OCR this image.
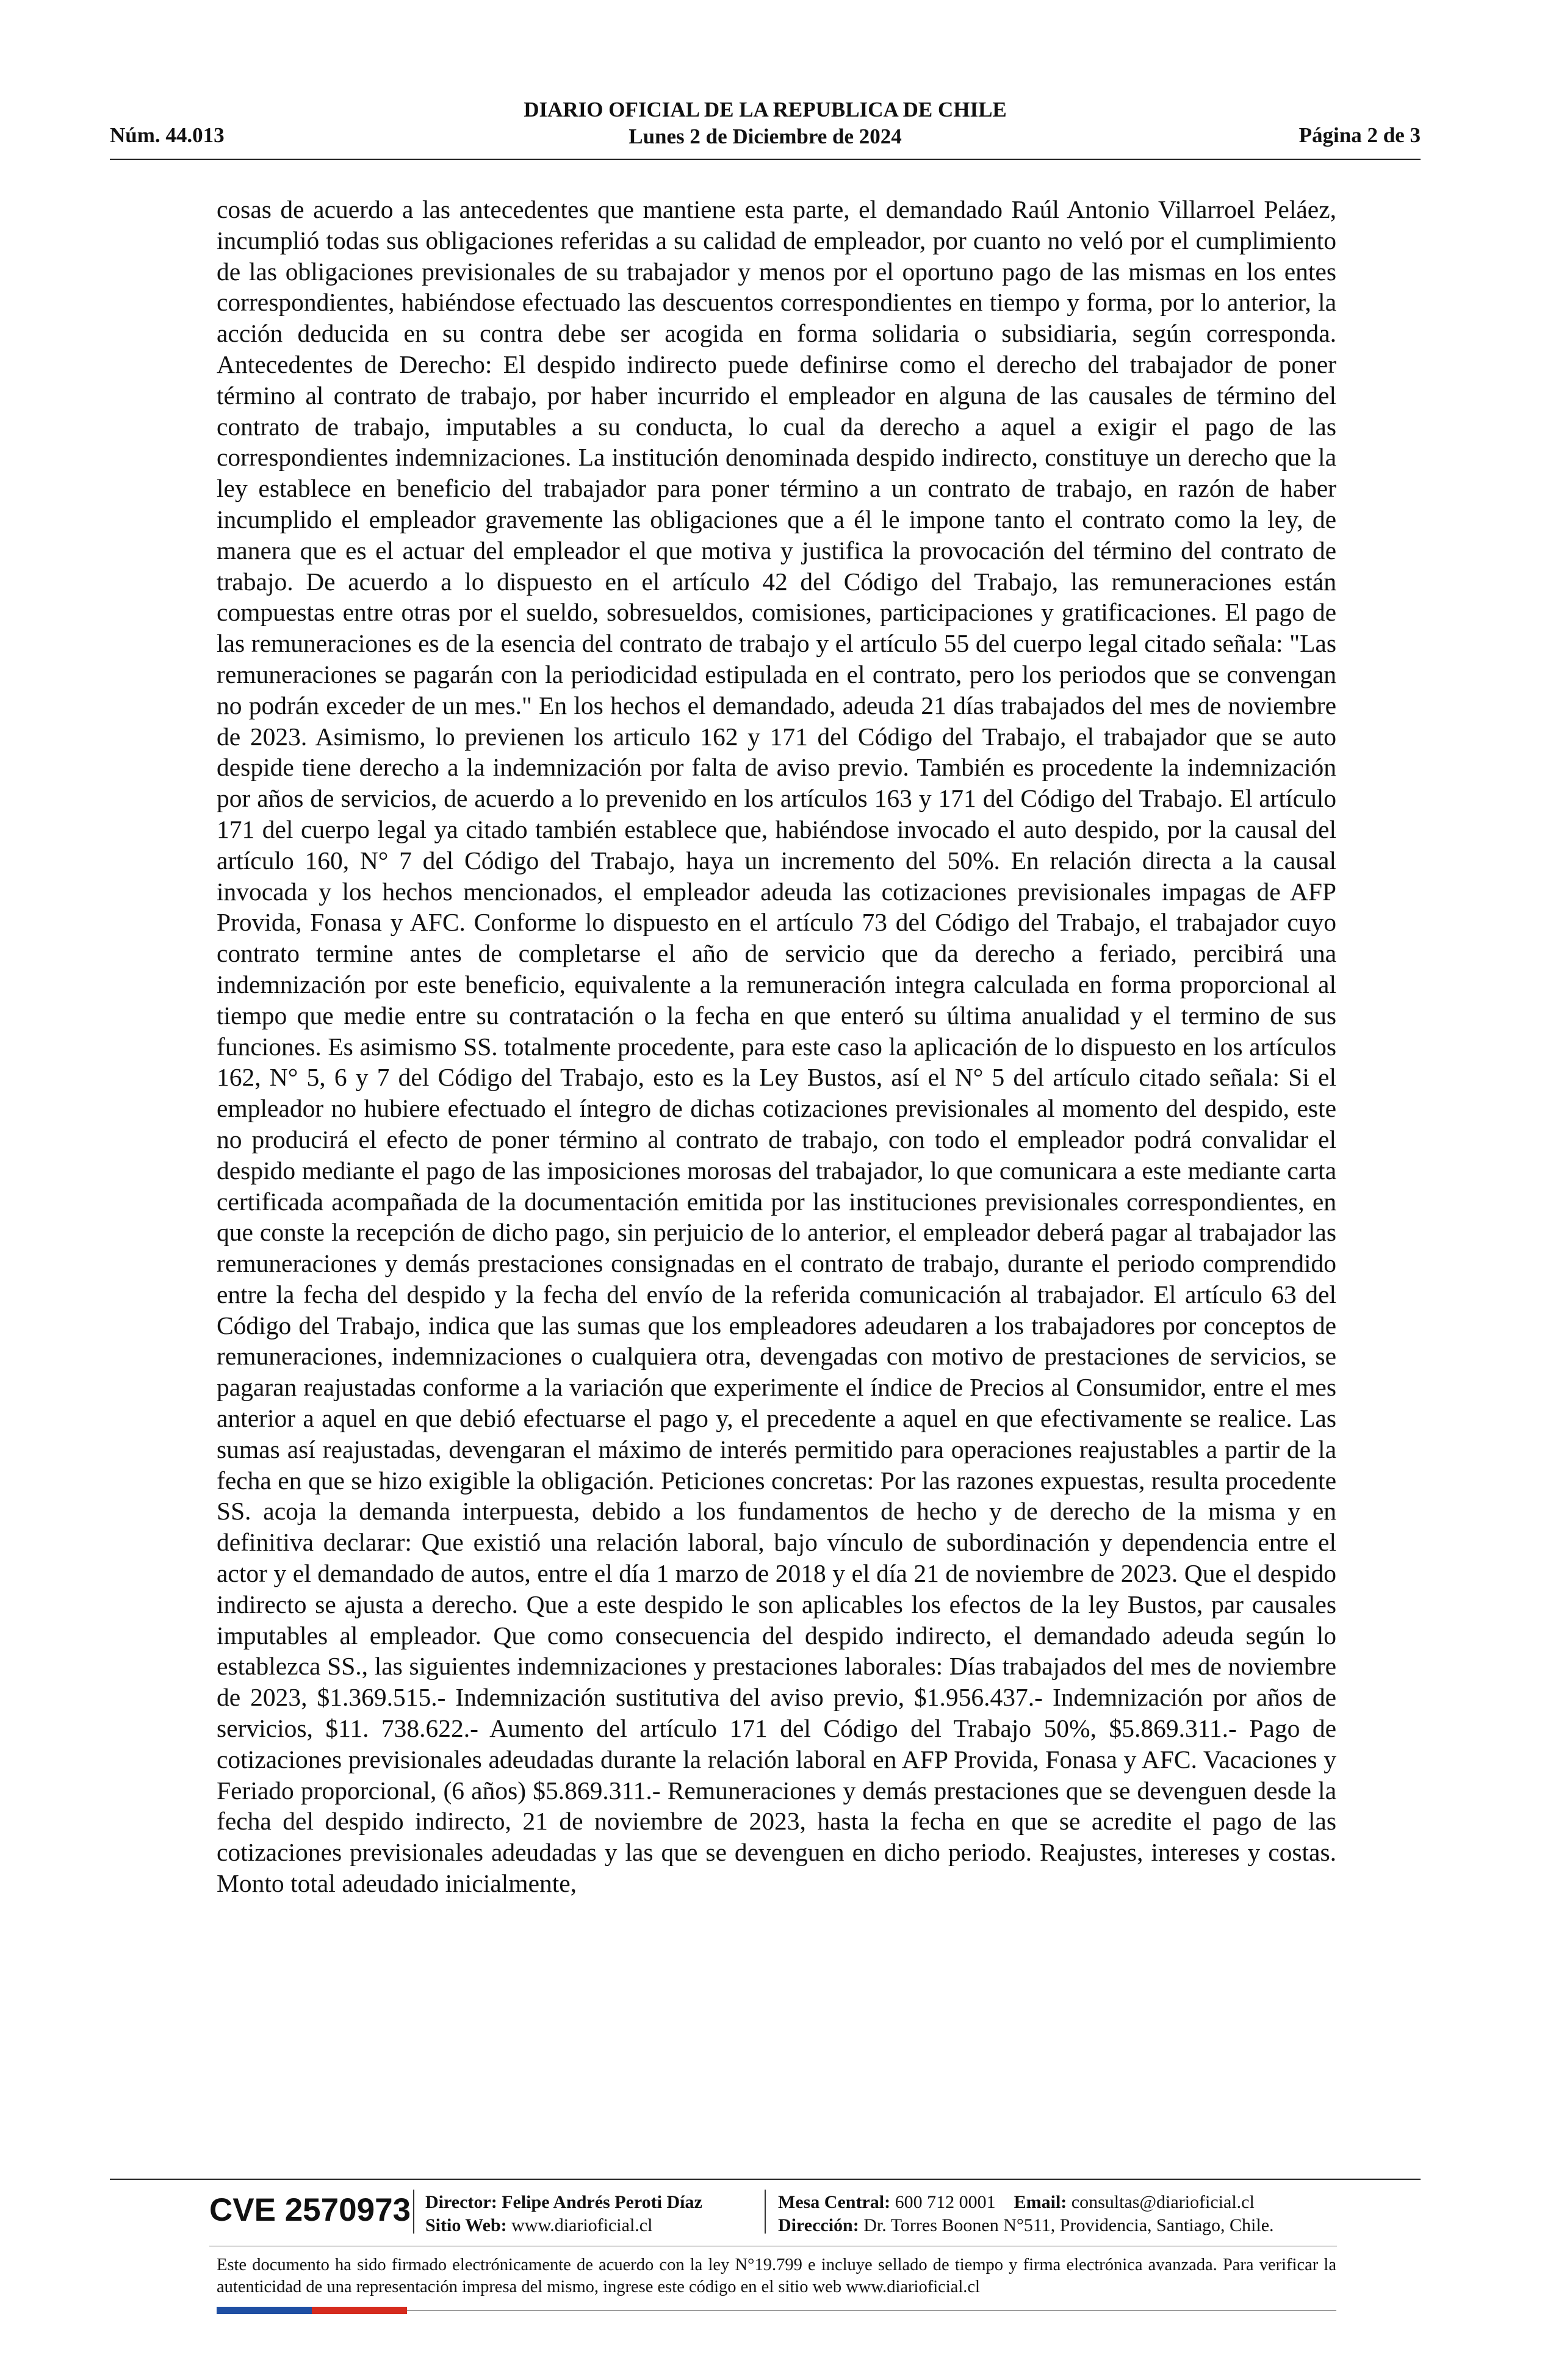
Núm. 44.013
DIARIO OFICIAL DE LA REPUBLICA DE CHILE
Lunes 2 de Diciembre de 2024	Página 2 de 3
cosas de acuerdo a las antecedentes que mantiene esta parte, el demandado Raúl Antonio Villarroel Peláez, incumplió todas sus obligaciones referidas a su calidad de empleador, por cuanto no veló por el cumplimiento de las obligaciones previsionales de su trabajador y menos por el oportuno pago de las mismas en los entes correspondientes, habiéndose efectuado las descuentos correspondientes en tiempo y forma, por lo anterior, la acción deducida en su contra debe ser acogida en forma solidaria o subsidiaria, según corresponda. Antecedentes de Derecho: El despido indirecto puede definirse como el derecho del trabajador de poner término al contrato de trabajo, por haber incurrido el empleador en alguna de las causales de término del contrato de trabajo, imputables a su conducta, lo cual da derecho a aquel a exigir el pago de las correspondientes indemnizaciones. La institución denominada despido indirecto, constituye un derecho que la ley establece en beneficio del trabajador para poner término a un contrato de trabajo, en razón de haber incumplido el empleador gravemente las obligaciones que a él le impone tanto el contrato como la ley, de manera que es el actuar del empleador el que motiva y justifica la provocación del término del contrato de trabajo. De acuerdo a lo dispuesto en el artículo 42 del Código del Trabajo, las remuneraciones están compuestas entre otras por el sueldo, sobresueldos, comisiones, participaciones y gratificaciones. El pago de las remuneraciones es de la esencia del contrato de trabajo y el artículo 55 del cuerpo legal citado señala: "Las remuneraciones se pagarán con la periodicidad estipulada en el contrato, pero los periodos que se convengan no podrán exceder de un mes." En los hechos el demandado, adeuda 21 días trabajados del mes de noviembre de 2023. Asimismo, lo previenen los articulo 162 y 171 del Código del Trabajo, el trabajador que se auto despide tiene derecho a la indemnización por falta de aviso previo. También es procedente la indemnización por años de servicios, de acuerdo a lo prevenido en los artículos 163 y 171 del Código del Trabajo. El artículo 171 del cuerpo legal ya citado también establece que, habiéndose invocado el auto despido, por la causal del artículo 160, N° 7 del Código del Trabajo, haya un incremento del 50%. En relación directa a la causal invocada y los hechos mencionados, el empleador adeuda las cotizaciones previsionales impagas de AFP Provida, Fonasa y AFC. Conforme lo dispuesto en el artículo 73 del Código del Trabajo, el trabajador cuyo contrato termine antes de completarse el año de servicio que da derecho a feriado, percibirá una indemnización por este beneficio, equivalente a la remuneración integra calculada en forma proporcional al tiempo que medie entre su contratación o la fecha en que enteró su última anualidad y el termino de sus funciones. Es asimismo SS. totalmente procedente, para este caso la aplicación de lo dispuesto en los artículos 162, N° 5, 6 y 7 del Código del Trabajo, esto es la Ley Bustos, así el N° 5 del artículo citado señala: Si el empleador no hubiere efectuado el íntegro de dichas cotizaciones previsionales al momento del despido, este no producirá el efecto de poner término al contrato de trabajo, con todo el empleador podrá convalidar el despido mediante el pago de las imposiciones morosas del trabajador, lo que comunicara a este mediante carta certificada acompañada de la documentación emitida por las instituciones previsionales correspondientes, en que conste la recepción de dicho pago, sin perjuicio de lo anterior, el empleador deberá pagar al trabajador las remuneraciones y demás prestaciones consignadas en el contrato de trabajo, durante el periodo comprendido entre la fecha del despido y la fecha del envío de la referida comunicación al trabajador. El artículo 63 del Código del Trabajo, indica que las sumas que los empleadores adeudaren a los trabajadores por conceptos de remuneraciones, indemnizaciones o cualquiera otra, devengadas con motivo de prestaciones de servicios, se pagaran reajustadas conforme a la variación que experimente el índice de Precios al Consumidor, entre el mes anterior a aquel en que debió efectuarse el pago y, el precedente a aquel en que efectivamente se realice. Las sumas así reajustadas, devengaran el máximo de interés permitido para operaciones reajustables a partir de la fecha en que se hizo exigible la obligación. Peticiones concretas: Por las razones expuestas, resulta procedente SS. acoja la demanda interpuesta, debido a los fundamentos de hecho y de derecho de la misma y en definitiva declarar: Que existió una relación laboral, bajo vínculo de subordinación y dependencia entre el actor y el demandado de autos, entre el día 1 marzo de 2018 y el día 21 de noviembre de 2023. Que el despido indirecto se ajusta a derecho. Que a este despido le son aplicables los efectos de la ley Bustos, par causales imputables al empleador. Que como consecuencia del despido indirecto, el demandado adeuda según lo establezca SS., las siguientes indemnizaciones y prestaciones laborales: Días trabajados del mes de noviembre de 2023, $1.369.515.- Indemnización sustitutiva del aviso previo, $1.956.437.- Indemnización por años de servicios, $11. 738.622.- Aumento del artículo 171 del Código del Trabajo 50%, $5.869.311.- Pago de cotizaciones previsionales adeudadas durante la relación laboral en AFP Provida, Fonasa y AFC. Vacaciones y Feriado proporcional, (6 años) $5.869.311.- Remuneraciones y demás prestaciones que se devenguen desde la fecha del despido indirecto, 21 de noviembre de 2023, hasta la fecha en que se acredite el pago de las cotizaciones previsionales adeudadas y las que se devenguen en dicho periodo. Reajustes, intereses y costas. Monto total adeudado inicialmente,
CVE 2570973 Director: Felipe Andrés Peroti Díaz
Sitio Web: www.diarioficial.cl
Mesa Central: 600 712 0001 Email: consultas@diarioficial.cl
Dirección: Dr. Torres Boonen N°511, Providencia, Santiago, Chile.
Este documento ha sido firmado electrónicamente de acuerdo con la ley N°19.799 e incluye sellado de tiempo y firma electrónica avanzada. Para verificar la autenticidad de una representación impresa del mismo, ingrese este código en el sitio web www.diarioficial.cl
